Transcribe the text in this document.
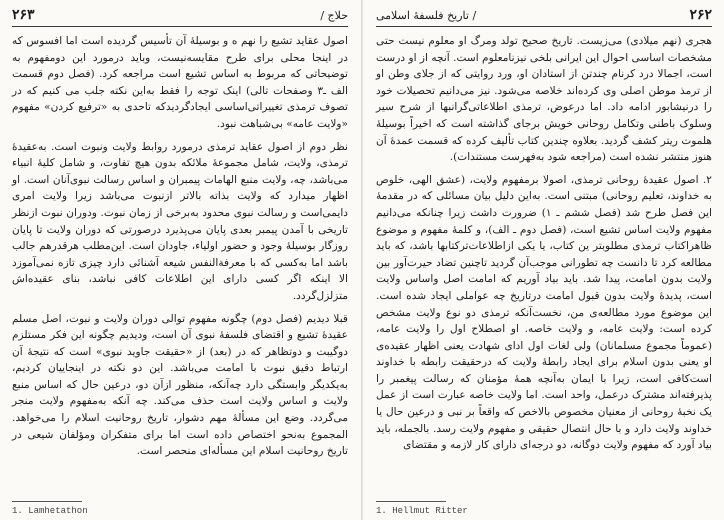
حلاج /
۲۶۳

اصول عقاید تشیع را نهم ه و بوسیلهٔ آن تأسیس گردیده است اما افسوس که در اینجا محلی برای طرح مقایسه‌نیست، وباید درمورد این دومفهوم به توضیحاتی که مربوط به اساس تشیع است مراجعه کرد. (فصل دوم قسمت الف ـ۳ وصفحات تالی) اینک توجه را فقط به‌این نکته جلب می کنیم که در تصوف ترمذی تغییراتی‌اساسی ایجاد‌گردید‌که تاحدی به «ترفیع کردن» مفهوم «ولایت عامه» بی‌شباهت نبود.

نظر دوم از اصول عقاید ترمذی درمورد روابط ولایت ونبوت است. به‌عقیدهٔ ترمذی، ولایت، شامل مجموعهٔ ملائکه بدون هیچ تفاوت، و شامل کلیهٔ انبیاء می‌باشد، چه، ولایت منبع الهامات پیمبران و اساس رسالت نبوی‌آنان است. او اظهار میدارد که ولایت بذاته بالاتر ازنبوت می‌باشد زیرا ولایت امری دایمی‌است و رسالت نبوی محدود به‌برخی از زمان نبوت. ودوران نبوت ازنظر تاریخی با آمدن پیمبر بعدی پایان می‌پذیرد درصورتی که دوران ولایت تا پایان روزگار بوسیلهٔ وجود و حضور اولیاء، جاودان است. این‌مطلب هرقدرهم جالب باشد اما به‌کسی که با معرفةالنفس شیعه آشنائی دارد چیزی تازه نمی‌آموزد الا اینکه اگر کسی دارای این اطلاعات کافی نباشد، بنای عقیده‌اش متزلزل‌گردد.

قبلا دیدیم (فصل دوم) چگونه مفهوم توالی دوران ولایت و نبوت، اصل مسلم عقیدهٔ تشیع و اقتضای فلسفهٔ نبوی آن است، ودیدیم چگونه این فکر مستلزم دوگیبت و دوتظاهر که در (بعد) از «حقیقت جاوید نبوی» است که نتیجهٔ آن ارتباط دقیق نبوت با امامت می‌باشد. این دو نکته در اینجاییان کردیم، به‌یکدیگر وابستگی دارد چه‌آنکه، منظور ازآن دو، درعین حال که اساس منبع ولایت و اساس ولایت است حذف می‌کند. چه آنکه به‌مفهوم ولایت منجر می‌گردد. وضع این مسألهٔ مهم دشوار، تاریخ روحانیت اسلام را می‌خواهد. المجموع به‌نحو اختصاص داده است اما برای متفکران ومؤلفان شیعی در تاریخ روحانیت اسلام این مسأله‌ای منحصر است.

1. Lamhetathon
۲۶۲
/ تاریخ فلسفهٔ اسلامی

هجری (نهم میلادی) می‌زیست. تاریخ صحیح تولد ومرگ او معلوم نیست حتی مشخصات اساسی احوال این ایرانی بلخی نیزنامعلوم است. آنچه از او درست است، اجمالا درد کرنام چندتن از استادان او، ورد روایتی که از جلای وطن او از ترمذ موطن اصلی وی کرده‌اند خلاصه می‌شود. نیز می‌دانیم تحصیلات خود را درنیشابور ادامه داد. اما درعوض، ترمذی اطلاعاتی‌گرانبها از شرح سیر وسلوک باطنی وتکامل روحانی خویش برجای گذاشته است که اخیراً بوسیلهٔ هلموت ریتر کشف گردید. بعلاوه چندین کتاب تألیف کرده که قسمت عمدهٔ آن هنوز منتشر نشده است (مراجعه شود به‌فهرست مستندات).

۲. اصول عقیدهٔ روحانی ترمذی، اصولا برمفهوم ولایت، (عشق الهی، خلوص به خداوند، تعلیم روحانی) مبتنی است. به‌این دلیل بیان مسائلی که در مقدمهٔ این فصل طرح شد (فصل ششم ـ ۱) ضرورت داشت زیرا چنانکه می‌دانیم مفهوم ولایت اساس تشیع است، (فصل دوم ـ الف)، و کلمهٔ مفهوم و موضوع ظاهرا‌کتاب ترمذی مطلوبتر ین کتاب، یا یکی ازاطلاعات‌ترکتابها باشد، که باید مطالعه کرد تا دانست چه تطورانی موجب‌آن گردید تاچنین تضاد حیرت‌آور بین ولایت بدون امامت، پیدا شد. باید بیاد آوریم که امامت اصل واساس ولایت است، پدیدهٔ ولایت بدون قبول امامت درتاریخ چه عواملی ایجاد شده است. این موضوع مورد مطالعه‌ی من، نخست‌آنکه ترمذی دو نوع ولایت مشخص کرده است: ولایت عامه، و ولایت خاصه. او اصطلاح اول را ولایت عامه، (عموماً مجموع مسلمانان) ولی لغات اول ادای شهادت یعنی اظهار عقیده‌ی او یعنی بدون اسلام برای ایجاد رابطهٔ ولایت که درحقیقت رابطه با خداوند است‌کافی است، زیرا با ایمان به‌آنچه همهٔ مؤمنان که رسالت پیغمبر را پذیرفته‌اند مشترک درعمل، واحد است. اما ولایت خاصه عبارت است از عمل یک نخبهٔ روحانی از معنیان مخصوص بالاخص که واقعاً بر نبی و درعین حال یا خداوند ولایت دارد و با حال انتصال حقیقی و مفهوم ولایت رسد. بالجمله، باید بیاد آورد که مفهوم ولایت دوگانه، دو درجه‌ای دارای کار لازمه و مقتضای

1. Hellmut Ritter
